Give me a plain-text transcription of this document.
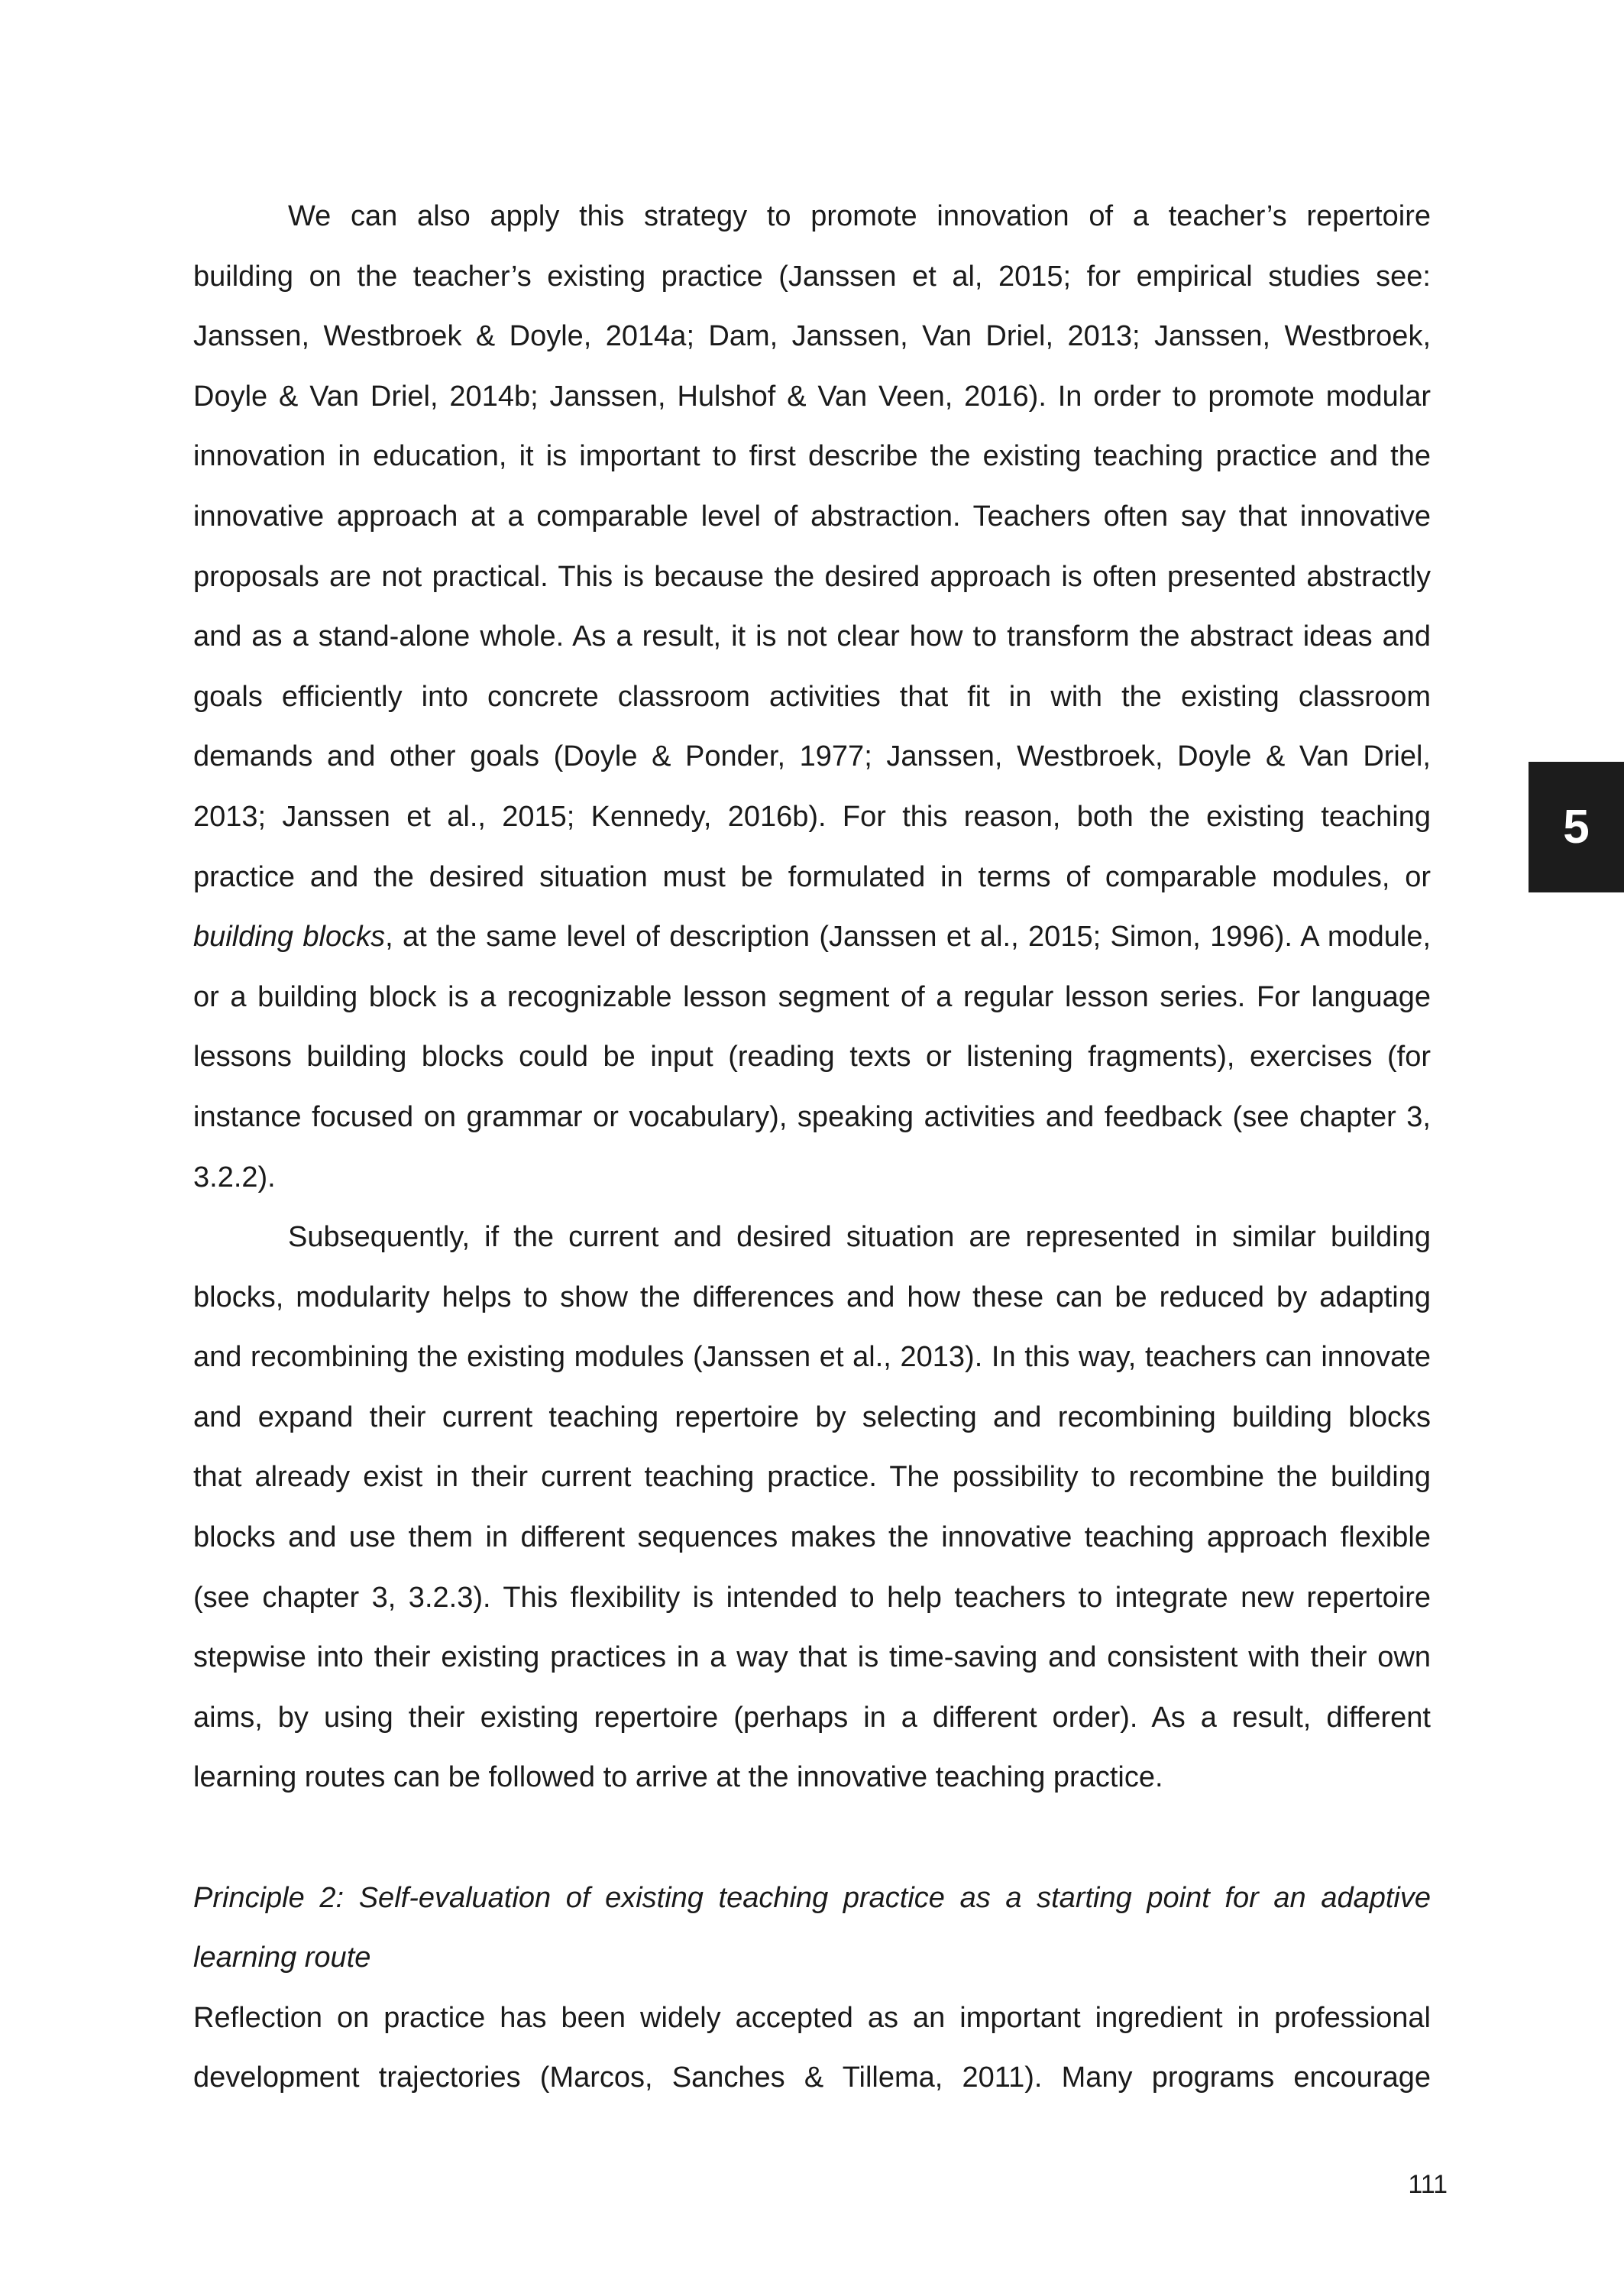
We can also apply this strategy to promote innovation of a teacher’s repertoire
building on the teacher’s existing practice (Janssen et al, 2015; for empirical studies see:
Janssen, Westbroek & Doyle, 2014a; Dam, Janssen, Van Driel, 2013; Janssen, Westbroek,
Doyle & Van Driel, 2014b; Janssen, Hulshof & Van Veen, 2016). In order to promote modular
innovation in education, it is important to first describe the existing teaching practice and the
innovative approach at a comparable level of abstraction. Teachers often say that innovative
proposals are not practical. This is because the desired approach is often presented abstractly
and as a stand-alone whole. As a result, it is not clear how to transform the abstract ideas and
goals efficiently into concrete classroom activities that fit in with the existing classroom
demands and other goals (Doyle & Ponder, 1977; Janssen, Westbroek, Doyle & Van Driel,
2013; Janssen et al., 2015; Kennedy, 2016b). For this reason, both the existing teaching
practice and the desired situation must be formulated in terms of comparable modules, or
building blocks, at the same level of description (Janssen et al., 2015; Simon, 1996). A module,
or a building block is a recognizable lesson segment of a regular lesson series. For language
lessons building blocks could be input (reading texts or listening fragments), exercises (for
instance focused on grammar or vocabulary), speaking activities and feedback (see chapter 3,
3.2.2).
Subsequently, if the current and desired situation are represented in similar building
blocks, modularity helps to show the differences and how these can be reduced by adapting
and recombining the existing modules (Janssen et al., 2013). In this way, teachers can innovate
and expand their current teaching repertoire by selecting and recombining building blocks
that already exist in their current teaching practice. The possibility to recombine the building
blocks and use them in different sequences makes the innovative teaching approach flexible
(see chapter 3, 3.2.3). This flexibility is intended to help teachers to integrate new repertoire
stepwise into their existing practices in a way that is time-saving and consistent with their own
aims, by using their existing repertoire (perhaps in a different order). As a result, different
learning routes can be followed to arrive at the innovative teaching practice.
Principle 2: Self-evaluation of existing teaching practice as a starting point for an adaptive
learning route
Reflection on practice has been widely accepted as an important ingredient in professional
development trajectories (Marcos, Sanches & Tillema, 2011). Many programs encourage
5
111
